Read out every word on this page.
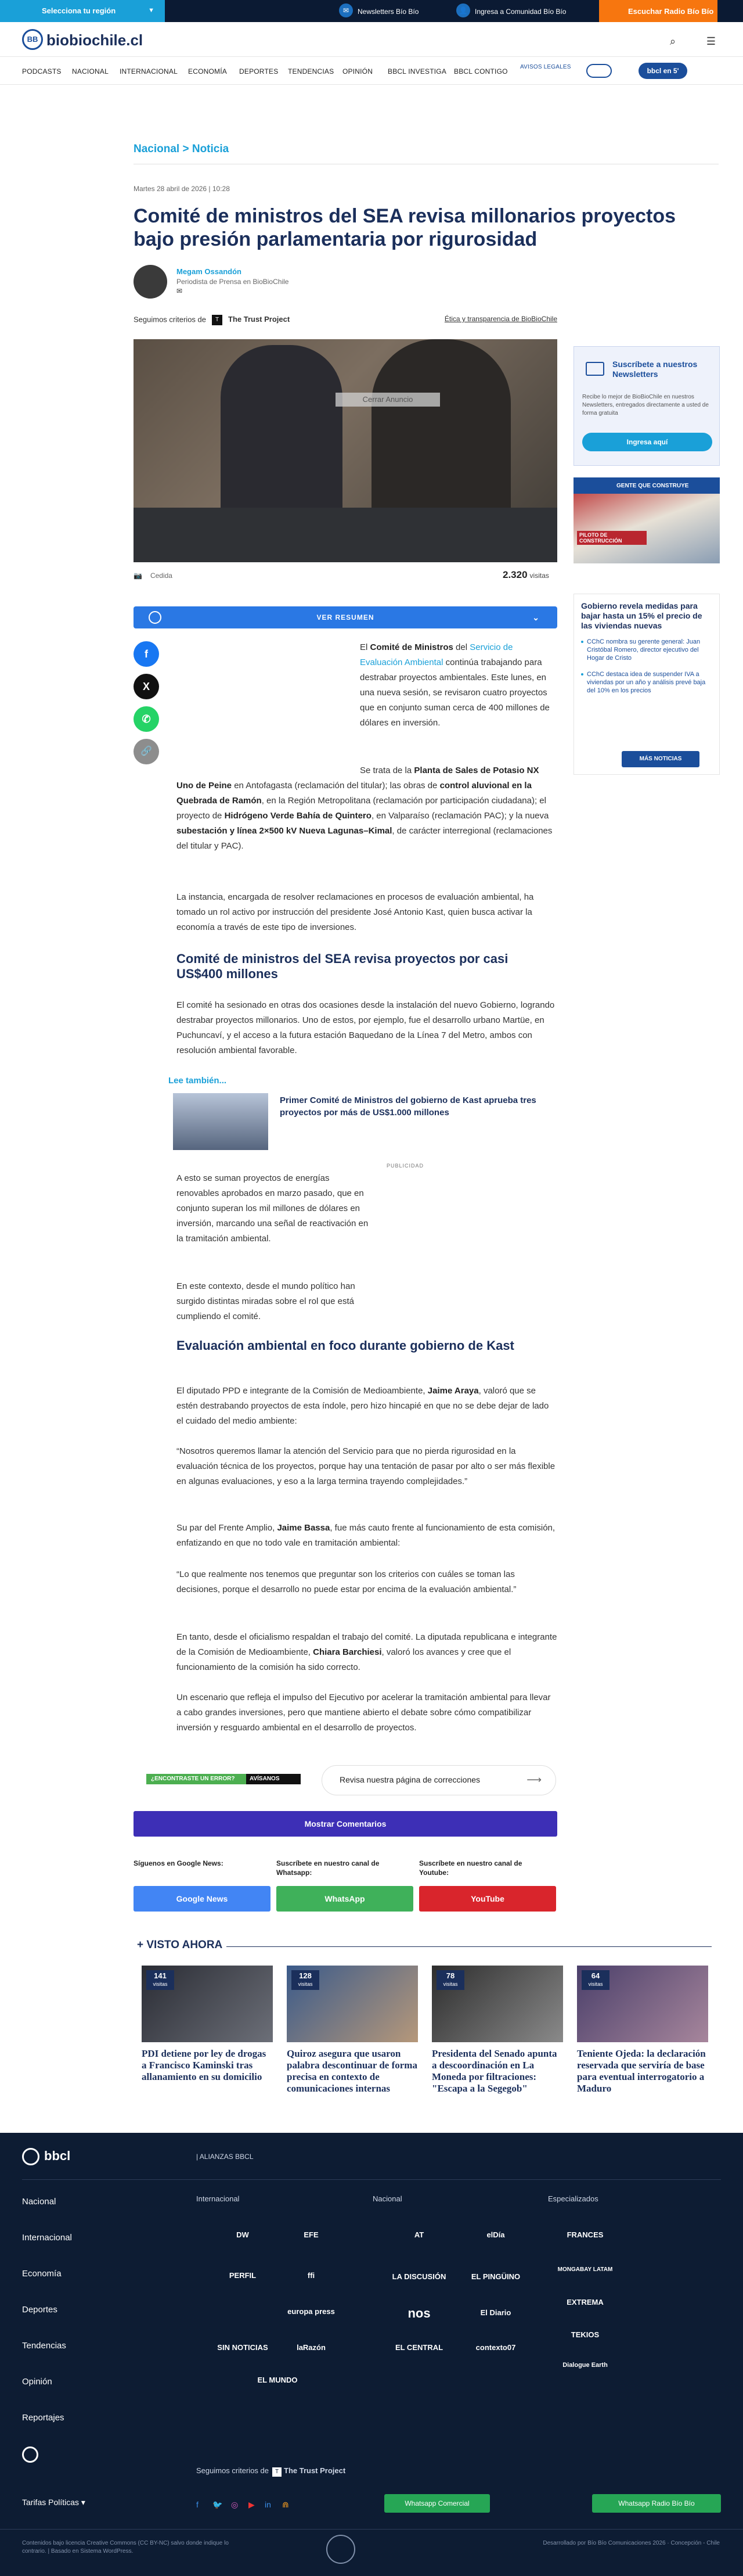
Selecciona tu región	▼	✉ Newsletters Bío Bío	👤 Ingresa a Comunidad Bío Bío	Escuchar Radio Bío Bío
BB biobiochile.cl	⌕	☰
PODCASTS NACIONAL INTERNACIONAL ECONOMÍA DEPORTES TENDENCIAS OPINIÓN BBCL INVESTIGA BBCL CONTIGO
AVISOS LEGALES	bbcl en 5'
Nacional > Noticia
Martes 28 abril de 2026 | 10:28
Comité de ministros del SEA revisa millonarios proyectos bajo presión parlamentaria por rigurosidad
Megam Ossandón
Periodista de Prensa en BioBioChile
✉
Seguimos criterios de T The Trust Project	Ética y transparencia de BioBioChile
Cerrar Anuncio
📷 Cedida	2.320 visitas
VER RESUMEN	⌄
f
X
✆
🔗

El Comité de Ministros del Servicio de Evaluación Ambiental continúa trabajando para destrabar proyectos ambientales. Este lunes, en una nueva sesión, se revisaron cuatro proyectos que en conjunto suman cerca de 400 millones de dólares en inversión.

Se trata de la Planta de Sales de Potasio NX Uno de Peine en Antofagasta (reclamación del titular); las obras de control aluvional en la Quebrada de Ramón, en la Región Metropolitana (reclamación por participación ciudadana); el proyecto de Hidrógeno Verde Bahía de Quintero, en Valparaíso (reclamación PAC); y la nueva subestación y línea 2×500 kV Nueva Lagunas–Kimal, de carácter interregional (reclamaciones del titular y PAC).

La instancia, encargada de resolver reclamaciones en procesos de evaluación ambiental, ha tomado un rol activo por instrucción del presidente José Antonio Kast, quien busca activar la economía a través de este tipo de inversiones.

Comité de ministros del SEA revisa proyectos por casi US$400 millones

El comité ha sesionado en otras dos ocasiones desde la instalación del nuevo Gobierno, logrando destrabar proyectos millonarios. Uno de estos, por ejemplo, fue el desarrollo urbano Martüe, en Puchuncaví, y el acceso a la futura estación Baquedano de la Línea 7 del Metro, ambos con resolución ambiental favorable.

Lee también...
Primer Comité de Ministros del gobierno de Kast aprueba tres proyectos por más de US$1.000 millones
PUBLICIDAD

A esto se suman proyectos de energías renovables aprobados en marzo pasado, que en conjunto superan los mil millones de dólares en inversión, marcando una señal de reactivación en la tramitación ambiental.

En este contexto, desde el mundo político han surgido distintas miradas sobre el rol que está cumpliendo el comité.

Evaluación ambiental en foco durante gobierno de Kast

El diputado PPD e integrante de la Comisión de Medioambiente, Jaime Araya, valoró que se estén destrabando proyectos de esta índole, pero hizo hincapié en que no se debe dejar de lado el cuidado del medio ambiente:

“Nosotros queremos llamar la atención del Servicio para que no pierda rigurosidad en la evaluación técnica de los proyectos, porque hay una tentación de pasar por alto o ser más flexible en algunas evaluaciones, y eso a la larga termina trayendo complejidades.”

Su par del Frente Amplio, Jaime Bassa, fue más cauto frente al funcionamiento de esta comisión, enfatizando en que no todo vale en tramitación ambiental:

“Lo que realmente nos tenemos que preguntar son los criterios con cuáles se toman las decisiones, porque el desarrollo no puede estar por encima de la evaluación ambiental.”

En tanto, desde el oficialismo respaldan el trabajo del comité. La diputada republicana e integrante de la Comisión de Medioambiente, Chiara Barchiesi, valoró los avances y cree que el funcionamiento de la comisión ha sido correcto.

Un escenario que refleja el impulso del Ejecutivo por acelerar la tramitación ambiental para llevar a cabo grandes inversiones, pero que mantiene abierto el debate sobre cómo compatibilizar inversión y resguardo ambiental en el desarrollo de proyectos.

¿ENCONTRASTE UN ERROR?	AVÍSANOS	Revisa nuestra página de correcciones	⟶
Mostrar Comentarios
Síguenos en Google News:	Suscríbete en nuestro canal de Whatsapp:
Suscríbete en nuestro canal de Youtube:
Google News	WhatsApp	YouTube
+ VISTO AHORA
141
visitas
PDI detiene por ley de drogas a Francisco Kaminski tras allanamiento en su domicilio
128
visitas
Quiroz asegura que usaron palabra descontinuar de forma precisa en contexto de comunicaciones internas
78
visitas
Presidenta del Senado apunta a descoordinación en La Moneda por filtraciones: "Escapa a la Segegob"
64
visitas
Teniente Ojeda: la declaración reservada que serviría de base para eventual interrogatorio a Maduro
Suscríbete a nuestros Newsletters
Recibe lo mejor de BioBioChile en nuestros Newsletters, entregados directamente a usted de forma gratuita
Ingresa aquí
GENTE QUE CONSTRUYE
PILOTO DE CONSTRUCCIÓN
Gobierno revela medidas para bajar hasta un 15% el precio de las viviendas nuevas
CChC nombra su gerente general: Juan Cristóbal Romero, director ejecutivo del Hogar de Cristo
CChC destaca idea de suspender IVA a viviendas por un año y análisis prevé baja del 10% en los precios
MÁS NOTICIAS
bbcl	| ALIANZAS BBCL
Nacional
Internacional
Economía
Deportes
Tendencias
Opinión
Reportajes
Internacional	Nacional	Especializados
DW	EFE
PERFIL	ffi
europa press
SIN NOTICIAS	laRazón
EL MUNDO
AT	elDía
LA DISCUSIÓN	EL PINGÜINO
nos	El Diario
EL CENTRAL	contexto07
FRANCES
MONGABAY LATAM
EXTREMA
TEKIOS
Dialogue Earth
Seguimos criterios de T The Trust Project
Tarifas Políticas ▾	f 🐦 ◎ ▶ in ⋒	Whatsapp Comercial	Whatsapp Radio Bío Bío
Contenidos bajo licencia Creative Commons (CC BY-NC) salvo donde indique lo contrario. | Basado en Sistema WordPress.
Desarrollado por Bío Bío Comunicaciones 2026 · Concepción - Chile
